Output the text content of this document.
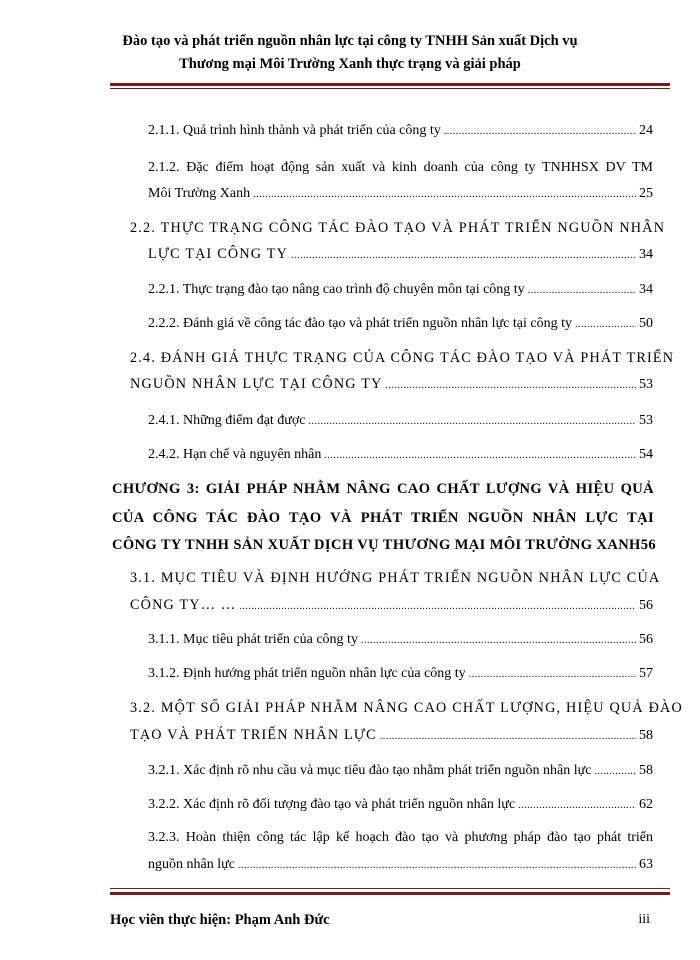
Đào tạo và phát triển nguồn nhân lực tại công ty TNHH Sản xuất Dịch vụ
Thương mại Môi Trường Xanh thực trạng và giải pháp
2.1.1. Quá trình hình thành và phát triển của công ty .....	24
2.1.2. Đặc điểm hoạt động sản xuất và kinh doanh của công ty TNHHSX DV TM
Môi Trường Xanh .....	25
2.2. THỰC TRẠNG CÔNG TÁC ĐÀO TẠO VÀ PHÁT TRIỂN NGUỒN NHÂN
LỰC TẠI CÔNG TY .....	34
2.2.1. Thực trạng đào tạo nâng cao trình độ chuyên môn tại công ty .....	34
2.2.2. Đánh giá về công tác đào tạo và phát triển nguồn nhân lực tại công ty .....	50
2.4. ĐÁNH GIÁ THỰC TRẠNG CỦA CÔNG TÁC ĐÀO TẠO VÀ PHÁT TRIỂN
NGUỒN NHÂN LỰC TẠI CÔNG TY .....	53
2.4.1. Những điểm đạt được .....	53
2.4.2. Hạn chế và nguyên nhân .....	54
CHƯƠNG 3: GIẢI PHÁP NHẰM NÂNG CAO CHẤT LƯỢNG VÀ HIỆU QUẢ
CỦA CÔNG TÁC ĐÀO TẠO VÀ PHÁT TRIỂN NGUỒN NHÂN LỰC TẠI
CÔNG TY TNHH SẢN XUẤT DỊCH VỤ THƯƠNG MẠI MÔI TRƯỜNG XANH 56
3.1. MỤC TIÊU VÀ ĐỊNH HƯỚNG PHÁT TRIỂN NGUỒN NHÂN LỰC CỦA
CÔNG TY… … .....	56
3.1.1. Mục tiêu phát triển của công ty .....	56
3.1.2. Định hướng phát triển nguồn nhân lực của công ty .....	57
3.2. MỘT SỐ GIẢI PHÁP NHẰM NÂNG CAO CHẤT LƯỢNG, HIỆU QUẢ ĐÀO
TẠO VÀ PHÁT TRIỂN NHÂN LỰC .....	58
3.2.1. Xác định rõ nhu cầu và mục tiêu đào tạo nhằm phát triển nguồn nhân lực .....	58
3.2.2. Xác định rõ đối tượng đào tạo và phát triển nguồn nhân lực .....	62
3.2.3. Hoàn thiện công tác lập kế hoạch đào tạo và phương pháp đào tạo phát triển
nguồn nhân lực .....	63
Học viên thực hiện: Phạm Anh Đức	iii
